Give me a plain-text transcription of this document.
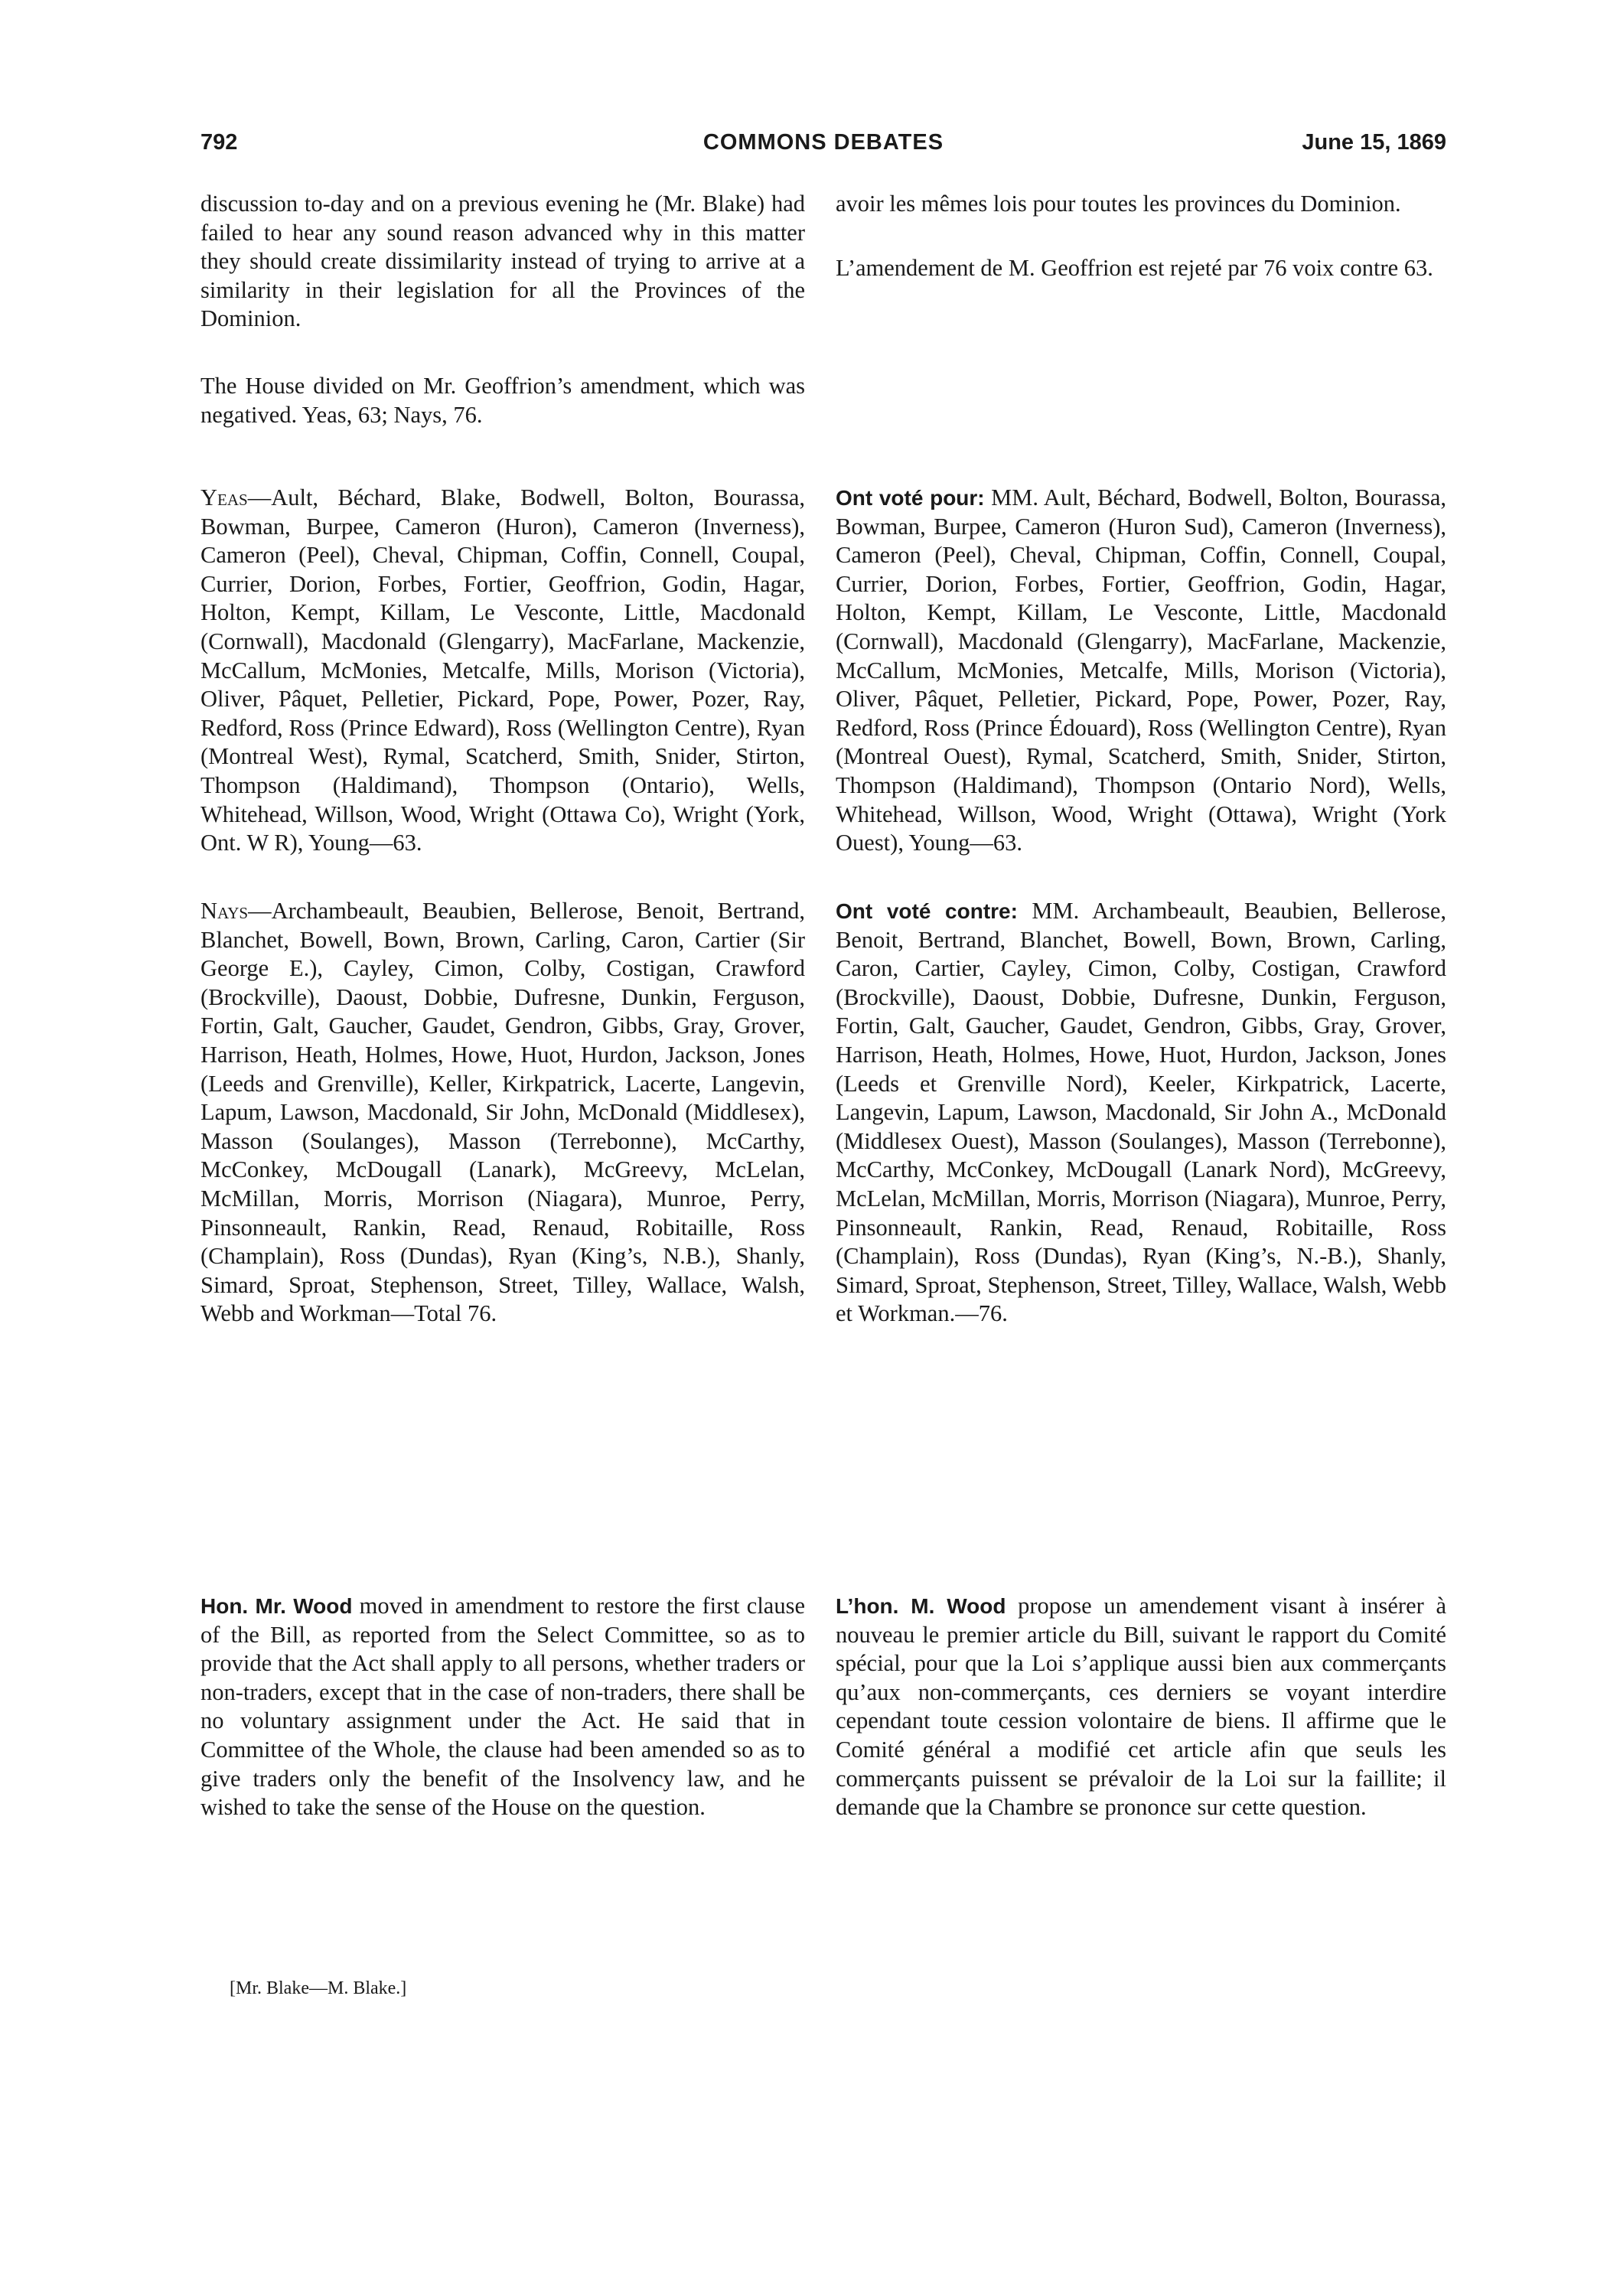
792	COMMONS DEBATES	June 15, 1869

discussion to-day and on a previous evening he (Mr. Blake) had failed to hear any sound reason advanced why in this matter they should create dissimilarity instead of trying to arrive at a similarity in their legislation for all the Provinces of the Dominion.

The House divided on Mr. Geoffrion’s amendment, which was negatived. Yeas, 63; Nays, 76.

Yeas—Ault, Béchard, Blake, Bodwell, Bolton, Bourassa, Bowman, Burpee, Cameron (Huron), Cameron (Inverness), Cameron (Peel), Cheval, Chipman, Coffin, Connell, Coupal, Currier, Dorion, Forbes, Fortier, Geoffrion, Godin, Hagar, Holton, Kempt, Killam, Le Vesconte, Little, Macdonald (Cornwall), Macdonald (Glengarry), MacFarlane, Mackenzie, McCallum, McMonies, Metcalfe, Mills, Morison (Victoria), Oliver, Pâquet, Pelletier, Pickard, Pope, Power, Pozer, Ray, Redford, Ross (Prince Edward), Ross (Wellington Centre), Ryan (Montreal West), Rymal, Scatcherd, Smith, Snider, Stirton, Thompson (Haldimand), Thompson (Ontario), Wells, Whitehead, Willson, Wood, Wright (Ottawa Co), Wright (York, Ont. W R), Young—63.

Nays—Archambeault, Beaubien, Bellerose, Benoit, Bertrand, Blanchet, Bowell, Bown, Brown, Carling, Caron, Cartier (Sir George E.), Cayley, Cimon, Colby, Costigan, Crawford (Brockville), Daoust, Dobbie, Dufresne, Dunkin, Ferguson, Fortin, Galt, Gaucher, Gaudet, Gendron, Gibbs, Gray, Grover, Harrison, Heath, Holmes, Howe, Huot, Hurdon, Jackson, Jones (Leeds and Grenville), Keller, Kirkpatrick, Lacerte, Langevin, Lapum, Lawson, Macdonald, Sir John, McDonald (Middlesex), Masson (Soulanges), Masson (Terrebonne), McCarthy, McConkey, McDougall (Lanark), McGreevy, McLelan, McMillan, Morris, Morrison (Niagara), Munroe, Perry, Pinsonneault, Rankin, Read, Renaud, Robitaille, Ross (Champlain), Ross (Dundas), Ryan (King’s, N.B.), Shanly, Simard, Sproat, Stephenson, Street, Tilley, Wallace, Walsh, Webb and Workman—Total 76.

Hon. Mr. Wood moved in amendment to restore the first clause of the Bill, as reported from the Select Committee, so as to provide that the Act shall apply to all persons, whether traders or non-traders, except that in the case of non-traders, there shall be no voluntary assignment under the Act. He said that in Committee of the Whole, the clause had been amended so as to give traders only the benefit of the Insolvency law, and he wished to take the sense of the House on the question.

[Mr. Blake—M. Blake.]

avoir les mêmes lois pour toutes les provinces du Dominion.

L’amendement de M. Geoffrion est rejeté par 76 voix contre 63.

Ont voté pour: MM. Ault, Béchard, Bodwell, Bolton, Bourassa, Bowman, Burpee, Cameron (Huron Sud), Cameron (Inverness), Cameron (Peel), Cheval, Chipman, Coffin, Connell, Coupal, Currier, Dorion, Forbes, Fortier, Geoffrion, Godin, Hagar, Holton, Kempt, Killam, Le Vesconte, Little, Macdonald (Cornwall), Macdonald (Glengarry), MacFarlane, Mackenzie, McCallum, McMonies, Metcalfe, Mills, Morison (Victoria), Oliver, Pâquet, Pelletier, Pickard, Pope, Power, Pozer, Ray, Redford, Ross (Prince Édouard), Ross (Wellington Centre), Ryan (Montreal Ouest), Rymal, Scatcherd, Smith, Snider, Stirton, Thompson (Haldimand), Thompson (Ontario Nord), Wells, Whitehead, Willson, Wood, Wright (Ottawa), Wright (York Ouest), Young—63.

Ont voté contre: MM. Archambeault, Beaubien, Bellerose, Benoit, Bertrand, Blanchet, Bowell, Bown, Brown, Carling, Caron, Cartier, Cayley, Cimon, Colby, Costigan, Crawford (Brockville), Daoust, Dobbie, Dufresne, Dunkin, Ferguson, Fortin, Galt, Gaucher, Gaudet, Gendron, Gibbs, Gray, Grover, Harrison, Heath, Holmes, Howe, Huot, Hurdon, Jackson, Jones (Leeds et Grenville Nord), Keeler, Kirkpatrick, Lacerte, Langevin, Lapum, Lawson, Macdonald, Sir John A., McDonald (Middlesex Ouest), Masson (Soulanges), Masson (Terrebonne), McCarthy, McConkey, McDougall (Lanark Nord), McGreevy, McLelan, McMillan, Morris, Morrison (Niagara), Munroe, Perry, Pinsonneault, Rankin, Read, Renaud, Robitaille, Ross (Champlain), Ross (Dundas), Ryan (King’s, N.-B.), Shanly, Simard, Sproat, Stephenson, Street, Tilley, Wallace, Walsh, Webb et Workman.—76.

L’hon. M. Wood propose un amendement visant à insérer à nouveau le premier article du Bill, suivant le rapport du Comité spécial, pour que la Loi s’applique aussi bien aux commerçants qu’aux non-commerçants, ces derniers se voyant interdire cependant toute cession volontaire de biens. Il affirme que le Comité général a modifié cet article afin que seuls les commerçants puissent se prévaloir de la Loi sur la faillite; il demande que la Chambre se prononce sur cette question.
